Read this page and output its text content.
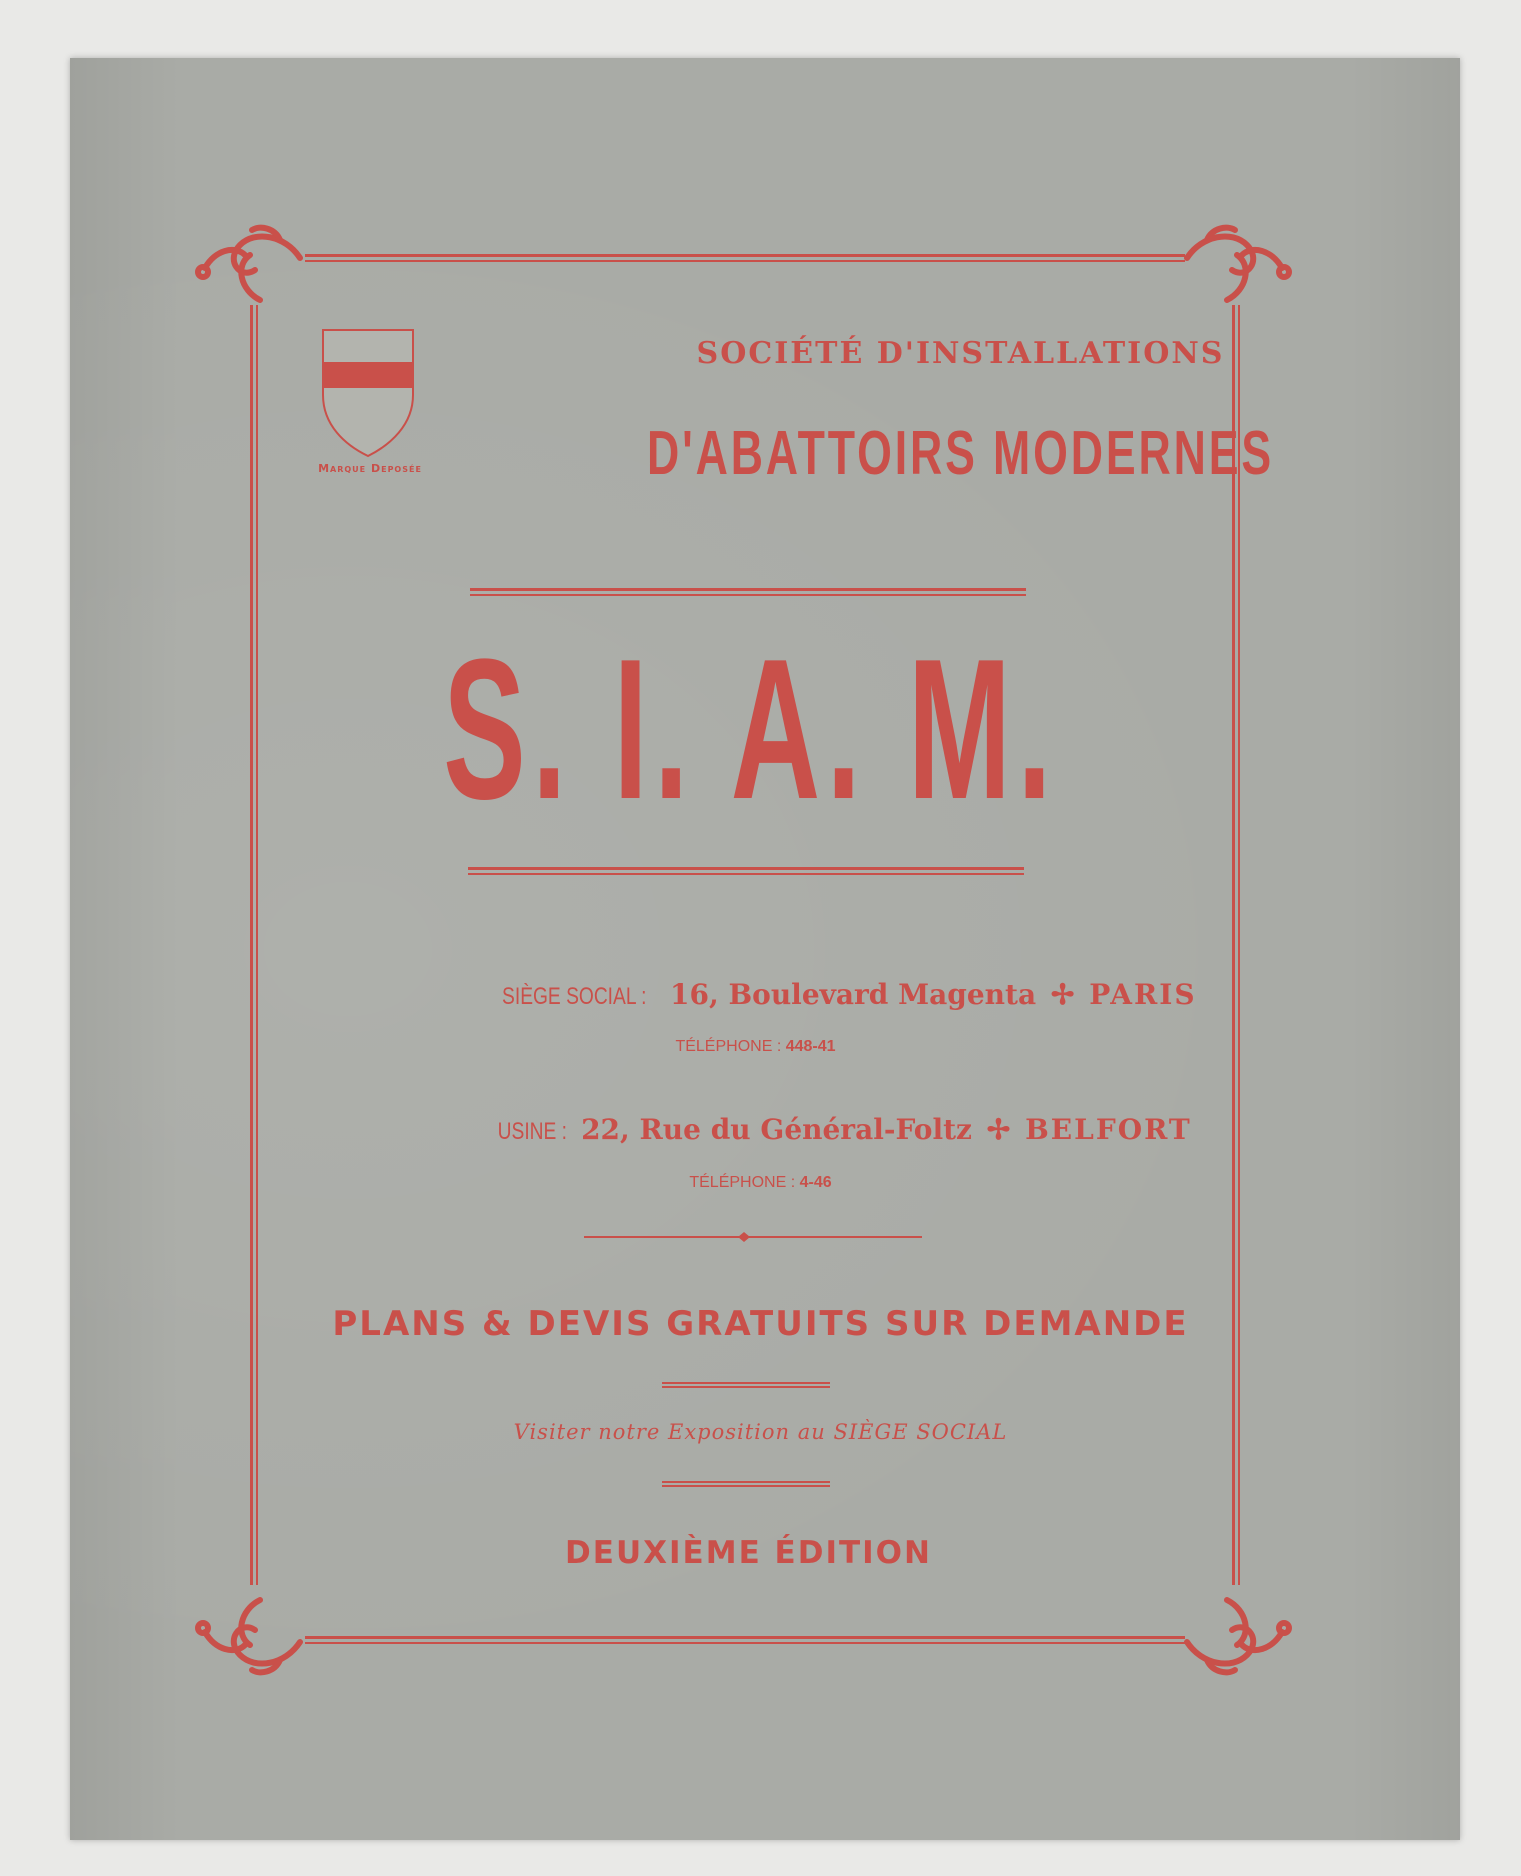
Marque Deposée
SOCIÉTÉ D'INSTALLATIONS
D'ABATTOIRS MODERNES
S. I. A. M.
SIÈGE SOCIAL : 16, Boulevard Magenta  ✢  PARIS
TÉLÉPHONE : 448-41
USINE : 22, Rue du Général-Foltz  ✢  BELFORT
TÉLÉPHONE : 4-46
PLANS & DEVIS GRATUITS SUR DEMANDE
Visiter notre Exposition au SIÈGE SOCIAL
DEUXIÈME ÉDITION
